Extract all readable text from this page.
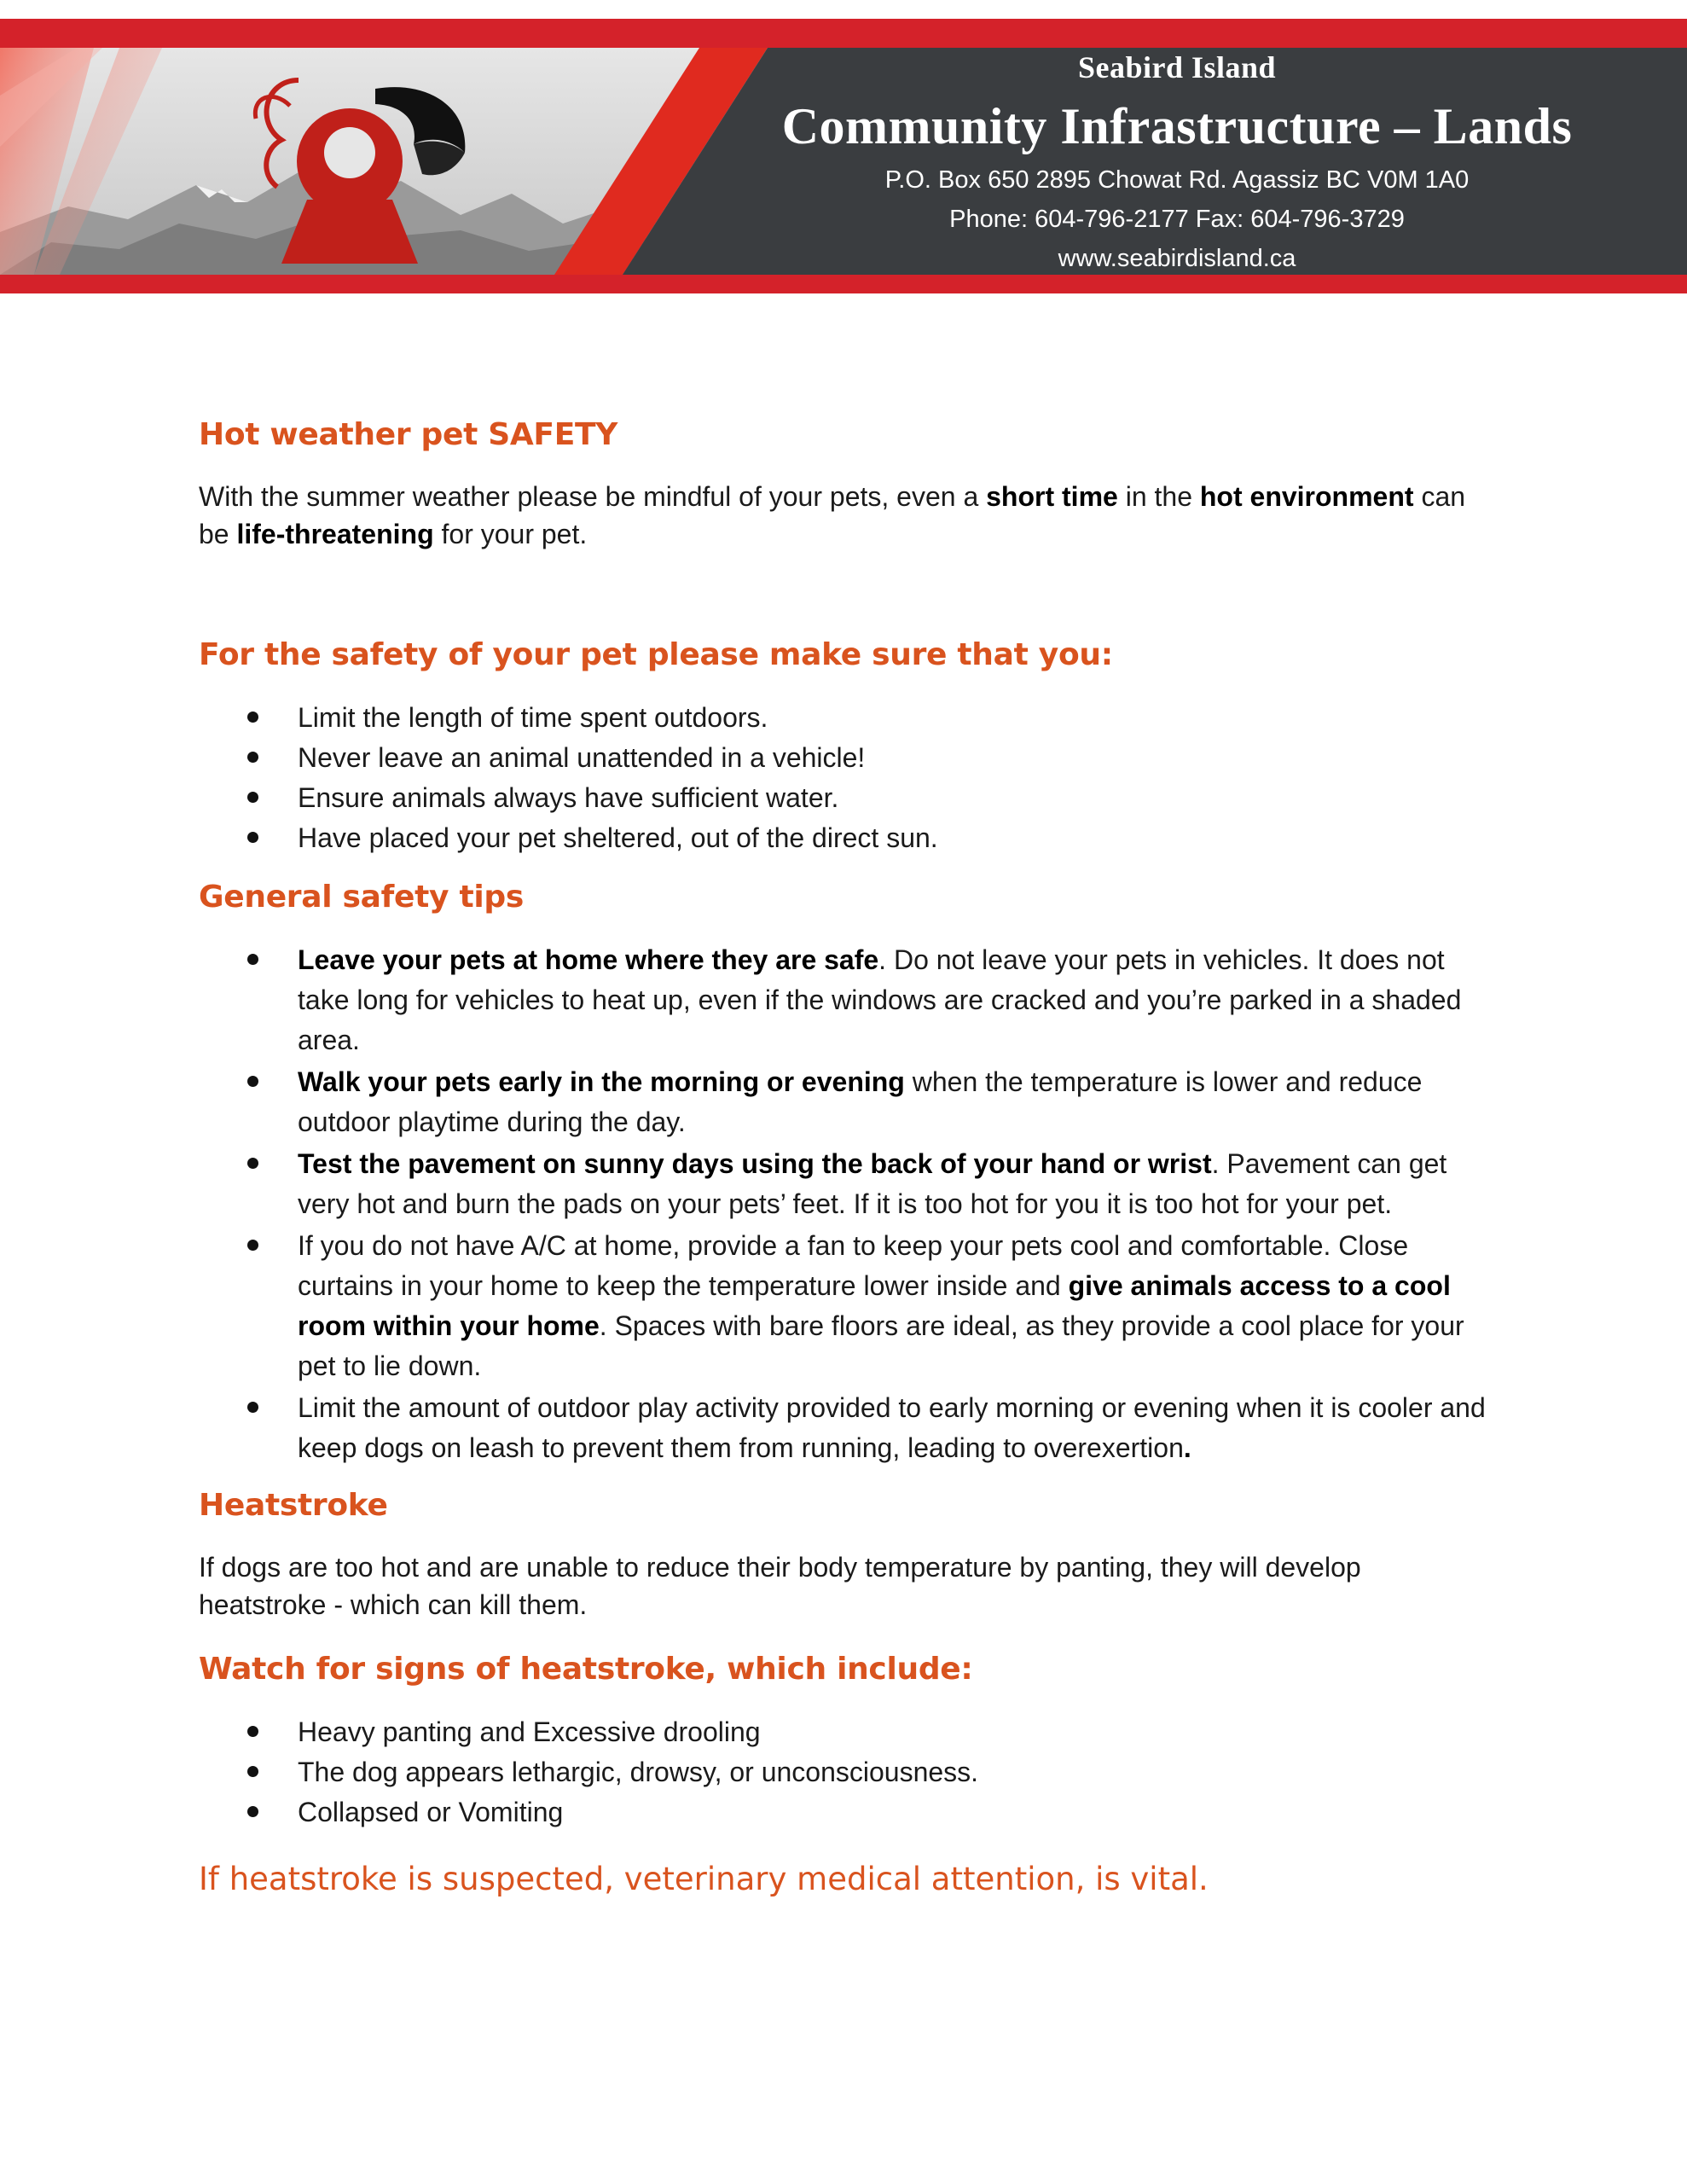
Seabird Island
Community Infrastructure – Lands
P.O. Box 650 2895 Chowat Rd. Agassiz BC V0M 1A0
Phone: 604-796-2177 Fax: 604-796-3729
www.seabirdisland.ca
Hot weather pet SAFETY

With the summer weather please be mindful of your pets, even a short time in the hot environment can be life-threatening for your pet.

For the safety of your pet please make sure that you:
Limit the length of time spent outdoors.
Never leave an animal unattended in a vehicle!
Ensure animals always have sufficient water.
Have placed your pet sheltered, out of the direct sun.
General safety tips
Leave your pets at home where they are safe. Do not leave your pets in vehicles. It does not take long for vehicles to heat up, even if the windows are cracked and you’re parked in a shaded area.
Walk your pets early in the morning or evening when the temperature is lower and reduce outdoor playtime during the day.
Test the pavement on sunny days using the back of your hand or wrist. Pavement can get very hot and burn the pads on your pets’ feet. If it is too hot for you it is too hot for your pet.
If you do not have A/C at home, provide a fan to keep your pets cool and comfortable. Close curtains in your home to keep the temperature lower inside and give animals access to a cool room within your home. Spaces with bare floors are ideal, as they provide a cool place for your pet to lie down.
Limit the amount of outdoor play activity provided to early morning or evening when it is cooler and keep dogs on leash to prevent them from running, leading to overexertion.
Heatstroke

If dogs are too hot and are unable to reduce their body temperature by panting, they will develop heatstroke - which can kill them.

Watch for signs of heatstroke, which include:
Heavy panting and Excessive drooling
The dog appears lethargic, drowsy, or unconsciousness.
Collapsed or Vomiting

If heatstroke is suspected, veterinary medical attention, is vital.
